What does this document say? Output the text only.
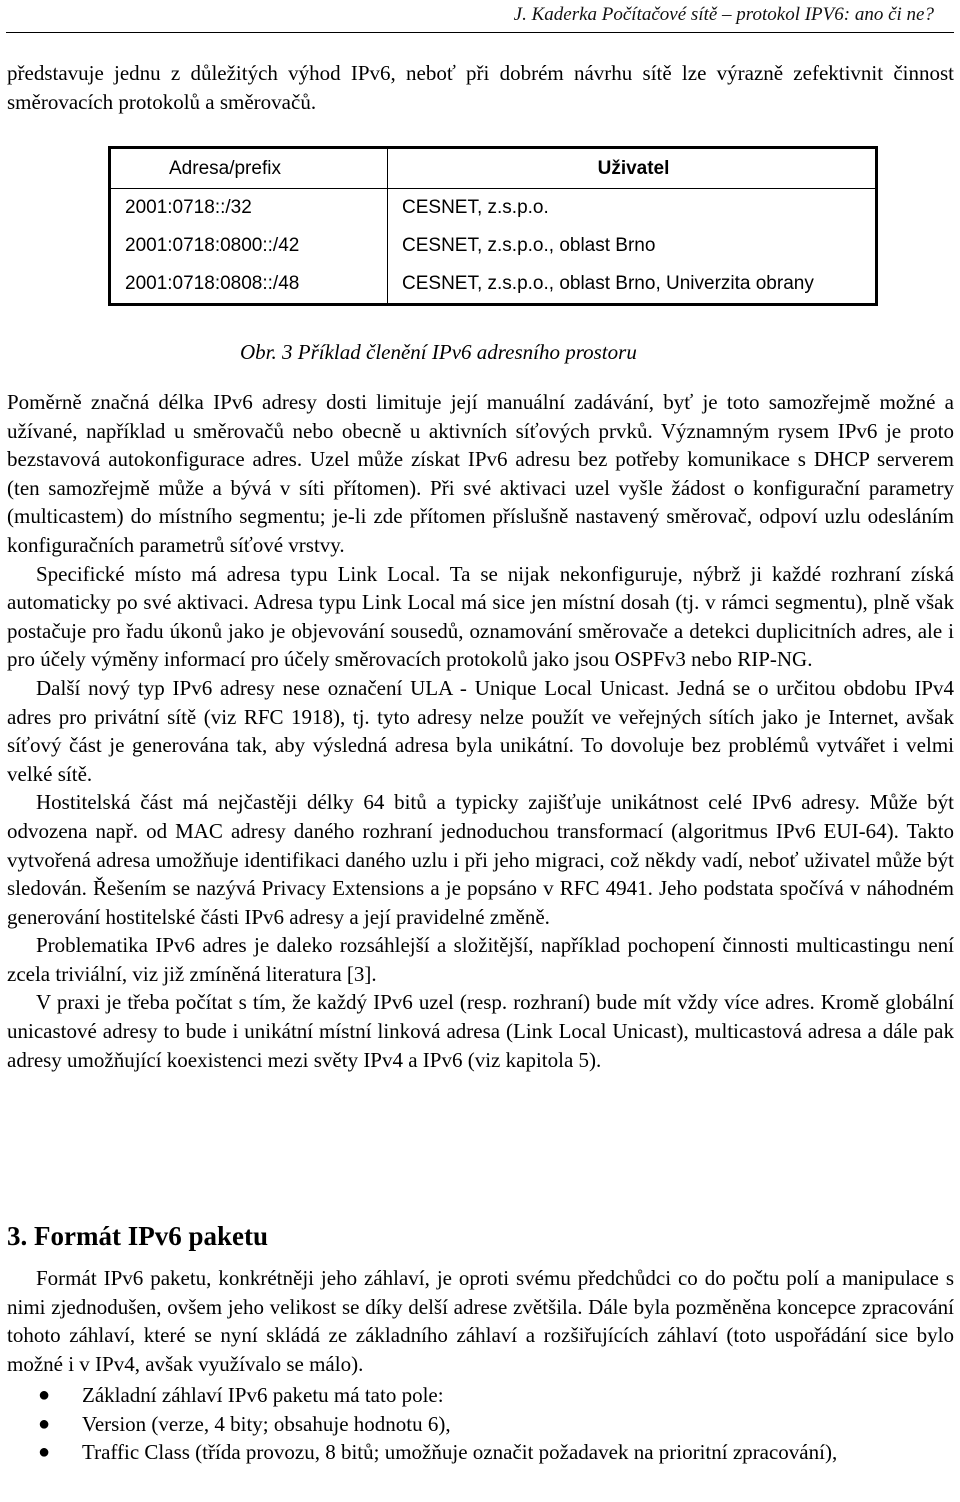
J. Kaderka Počítačové sítě – protokol IPV6: ano či ne?

představuje jednu z důležitých výhod IPv6, neboť při dobrém návrhu sítě lze výrazně zefektivnit činnost směrovacích protokolů a směrovačů.

Adresa/prefix	Uživatel
2001:0718::/32	CESNET, z.s.p.o.
2001:0718:0800::/42	CESNET, z.s.p.o., oblast Brno
2001:0718:0808::/48	CESNET, z.s.p.o., oblast Brno, Univerzita obrany
Obr. 3 Příklad členění IPv6 adresního prostoru

Poměrně značná délka IPv6 adresy dosti limituje její manuální zadávání, byť je toto samozřejmě možné a užívané, například u směrovačů nebo obecně u aktivních síťových prvků. Významným rysem IPv6 je proto bezstavová autokonfigurace adres. Uzel může získat IPv6 adresu bez potřeby komunikace s DHCP serverem (ten samozřejmě může a bývá v síti přítomen). Při své aktivaci uzel vyšle žádost o konfigurační parametry (multicastem) do místního segmentu; je-li zde přítomen příslušně nastavený směrovač, odpoví uzlu odesláním konfiguračních parametrů síťové vrstvy.

Specifické místo má adresa typu Link Local. Ta se nijak nekonfiguruje, nýbrž ji každé rozhraní získá automaticky po své aktivaci. Adresa typu Link Local má sice jen místní dosah (tj. v rámci segmentu), plně však postačuje pro řadu úkonů jako je objevování sousedů, oznamování směrovače a detekci duplicitních adres, ale i pro účely výměny informací pro účely směrovacích protokolů jako jsou OSPFv3 nebo RIP-NG.

Další nový typ IPv6 adresy nese označení ULA - Unique Local Unicast. Jedná se o určitou obdobu IPv4 adres pro privátní sítě (viz RFC 1918), tj. tyto adresy nelze použít ve veřejných sítích jako je Internet, avšak síťový část je generována tak, aby výsledná adresa byla unikátní. To dovoluje bez problémů vytvářet i velmi velké sítě.

Hostitelská část má nejčastěji délky 64 bitů a typicky zajišťuje unikátnost celé IPv6 adresy. Může být odvozena např. od MAC adresy daného rozhraní jednoduchou transformací (algoritmus IPv6 EUI-64). Takto vytvořená adresa umožňuje identifikaci daného uzlu i při jeho migraci, což někdy vadí, neboť uživatel může být sledován. Řešením se nazývá Privacy Extensions a je popsáno v RFC 4941. Jeho podstata spočívá v náhodném generování hostitelské části IPv6 adresy a její pravidelné změně.

Problematika IPv6 adres je daleko rozsáhlejší a složitější, například pochopení činnosti multicastingu není zcela triviální, viz již zmíněná literatura [3].

V praxi je třeba počítat s tím, že každý IPv6 uzel (resp. rozhraní) bude mít vždy více adres. Kromě globální unicastové adresy to bude i unikátní místní linková adresa (Link Local Unicast), multicastová adresa a dále pak adresy umožňující koexistenci mezi světy IPv4 a IPv6 (viz kapitola 5).

3. Formát IPv6 paketu

Formát IPv6 paketu, konkrétněji jeho záhlaví, je oproti svému předchůdci co do počtu polí a manipulace s nimi zjednodušen, ovšem jeho velikost se díky delší adrese zvětšila. Dále byla pozměněna koncepce zpracování tohoto záhlaví, které se nyní skládá ze základního záhlaví a rozšiřujících záhlaví (toto uspořádání sice bylo možné i v IPv4, avšak využívalo se málo).

● Základní záhlaví IPv6 paketu má tato pole:
● Version (verze, 4 bity; obsahuje hodnotu 6),
● Traffic Class (třída provozu, 8 bitů; umožňuje označit požadavek na prioritní zpracování),
